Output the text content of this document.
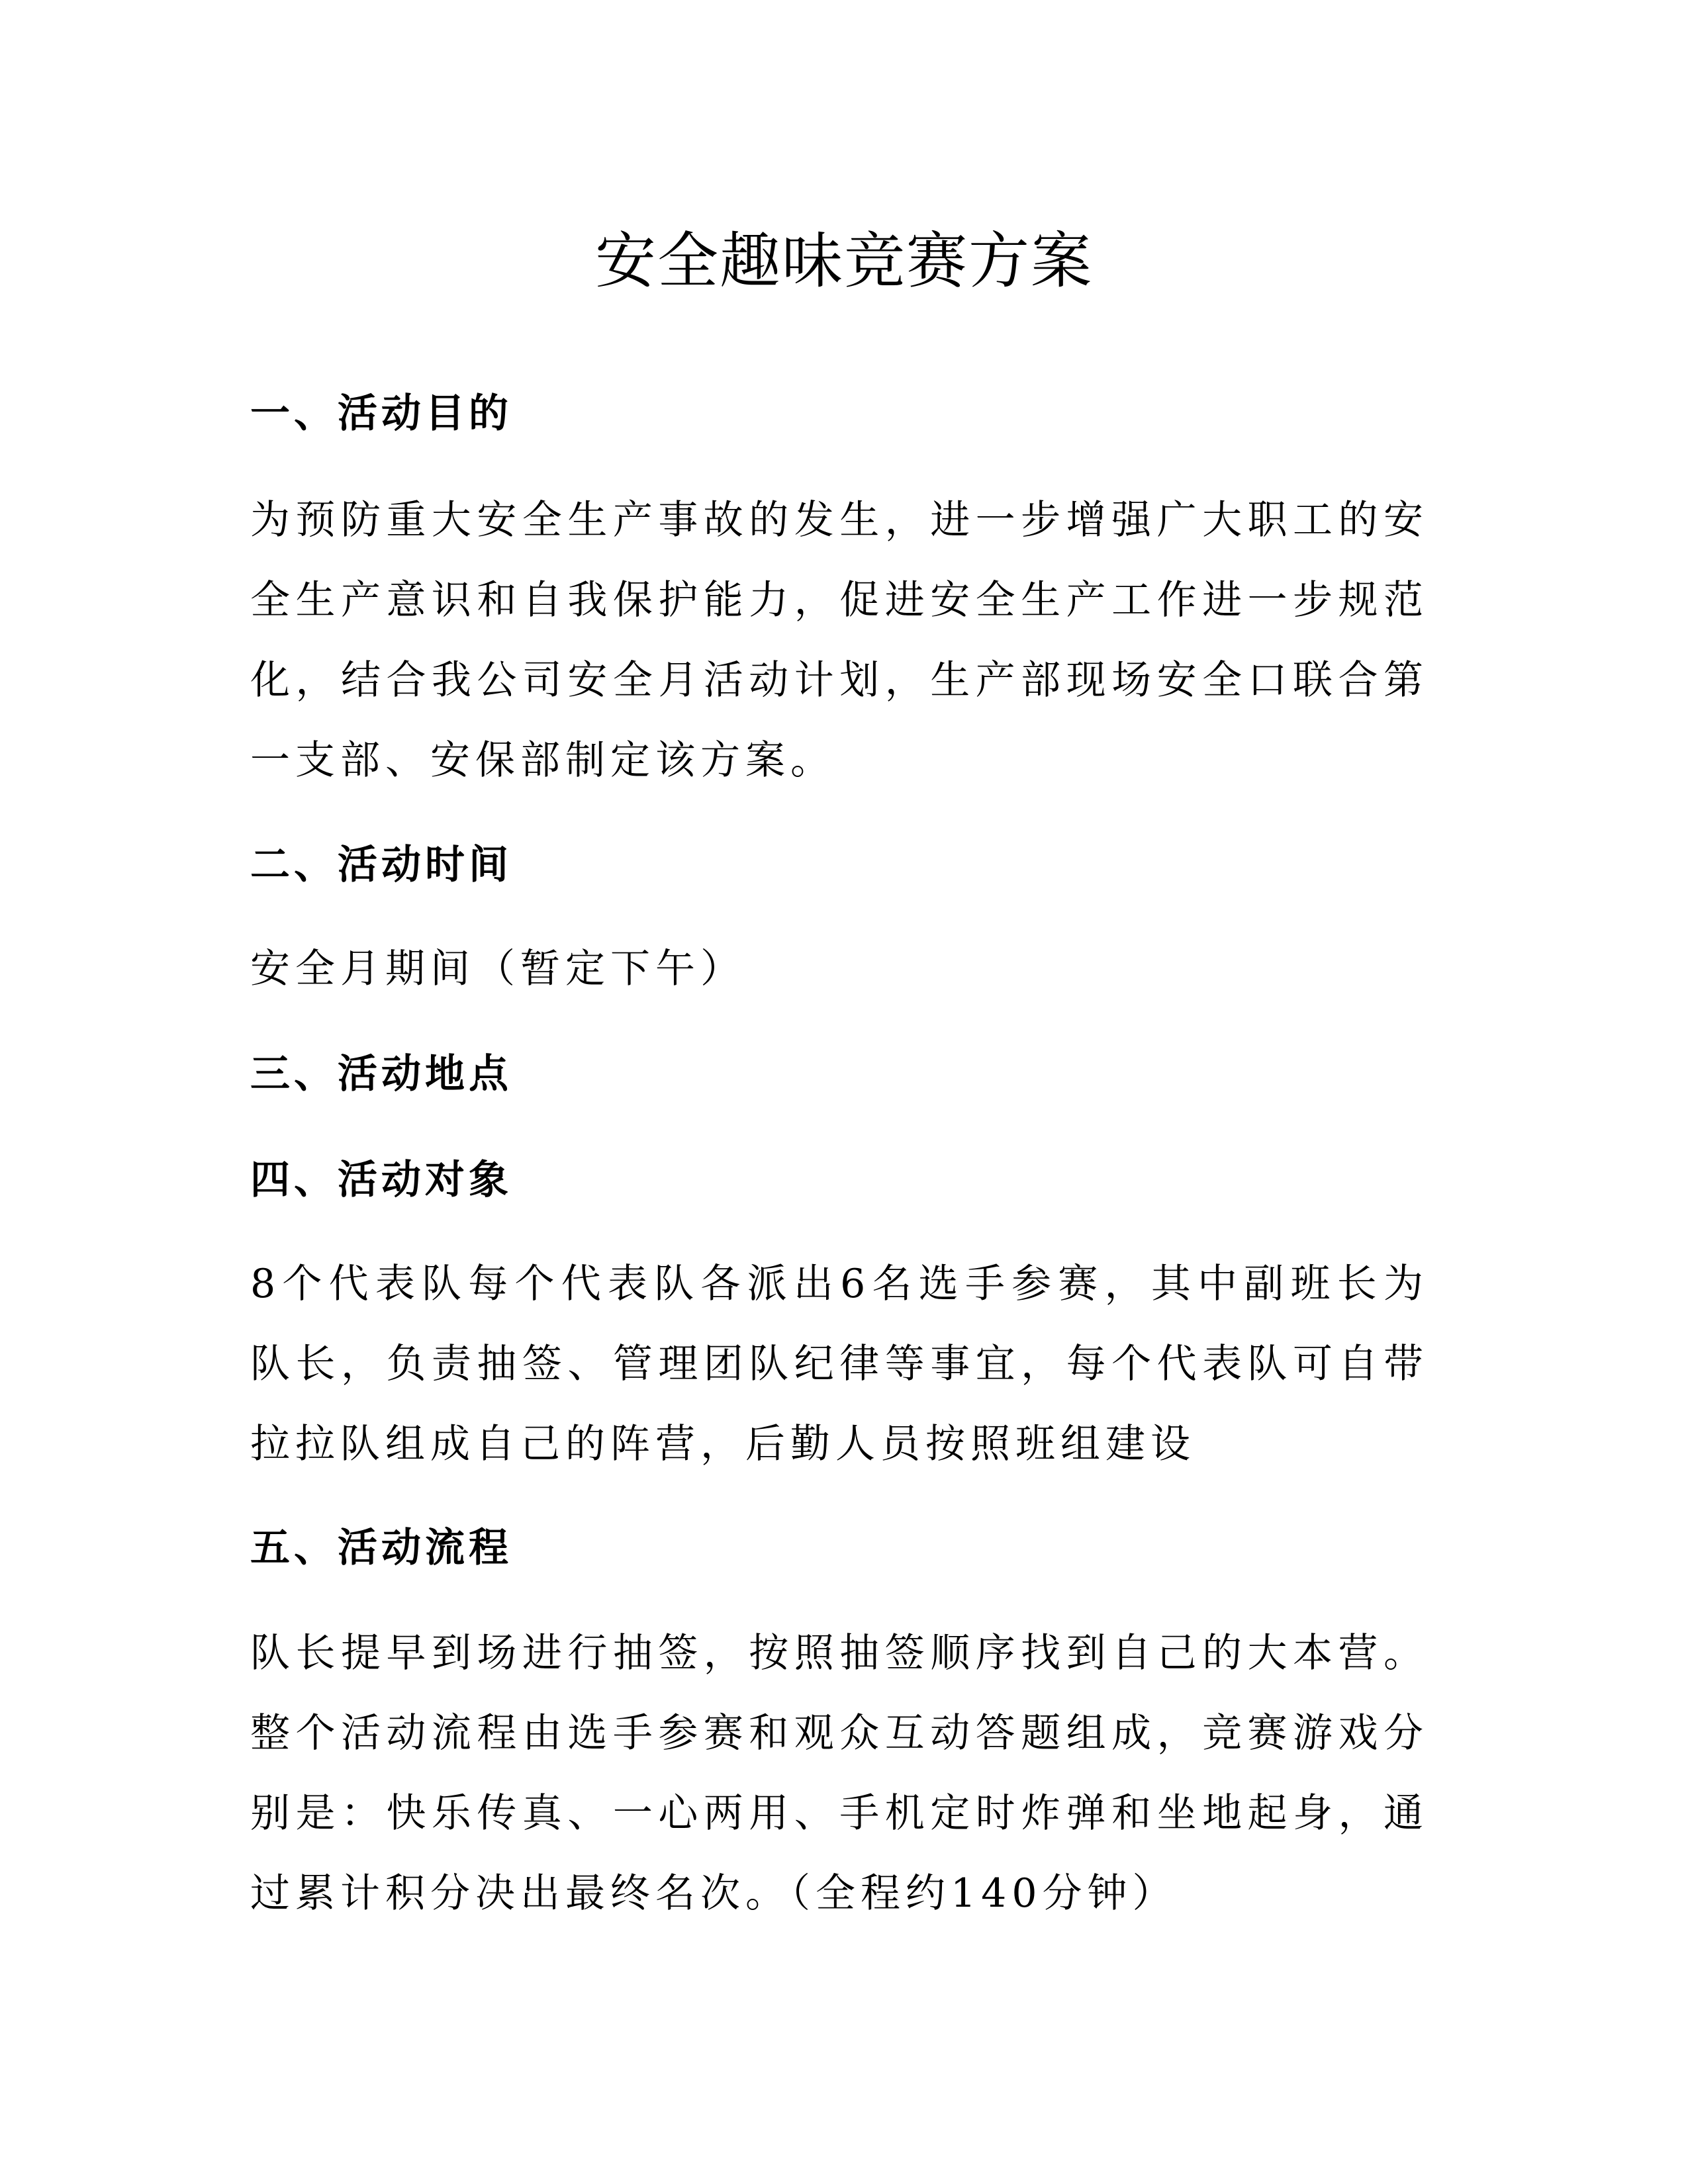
安全趣味竞赛方案
一、活动目的

为预防重大安全生产事故的发生，进一步增强广大职工的安全生产意识和自我保护能力，促进安全生产工作进一步规范化，结合我公司安全月活动计划，生产部现场安全口联合第一支部、安保部制定该方案。

二、活动时间

安全月期间（暂定下午）

三、活动地点
四、活动对象

8个代表队每个代表队各派出6名选手参赛，其中副班长为队长，负责抽签、管理团队纪律等事宜，每个代表队可自带拉拉队组成自己的阵营，后勤人员按照班组建设

五、活动流程

队长提早到场进行抽签，按照抽签顺序找到自己的大本营。整个活动流程由选手参赛和观众互动答题组成，竞赛游戏分别是：快乐传真、一心两用、手机定时炸弹和坐地起身，通过累计积分决出最终名次。（全程约140分钟）
